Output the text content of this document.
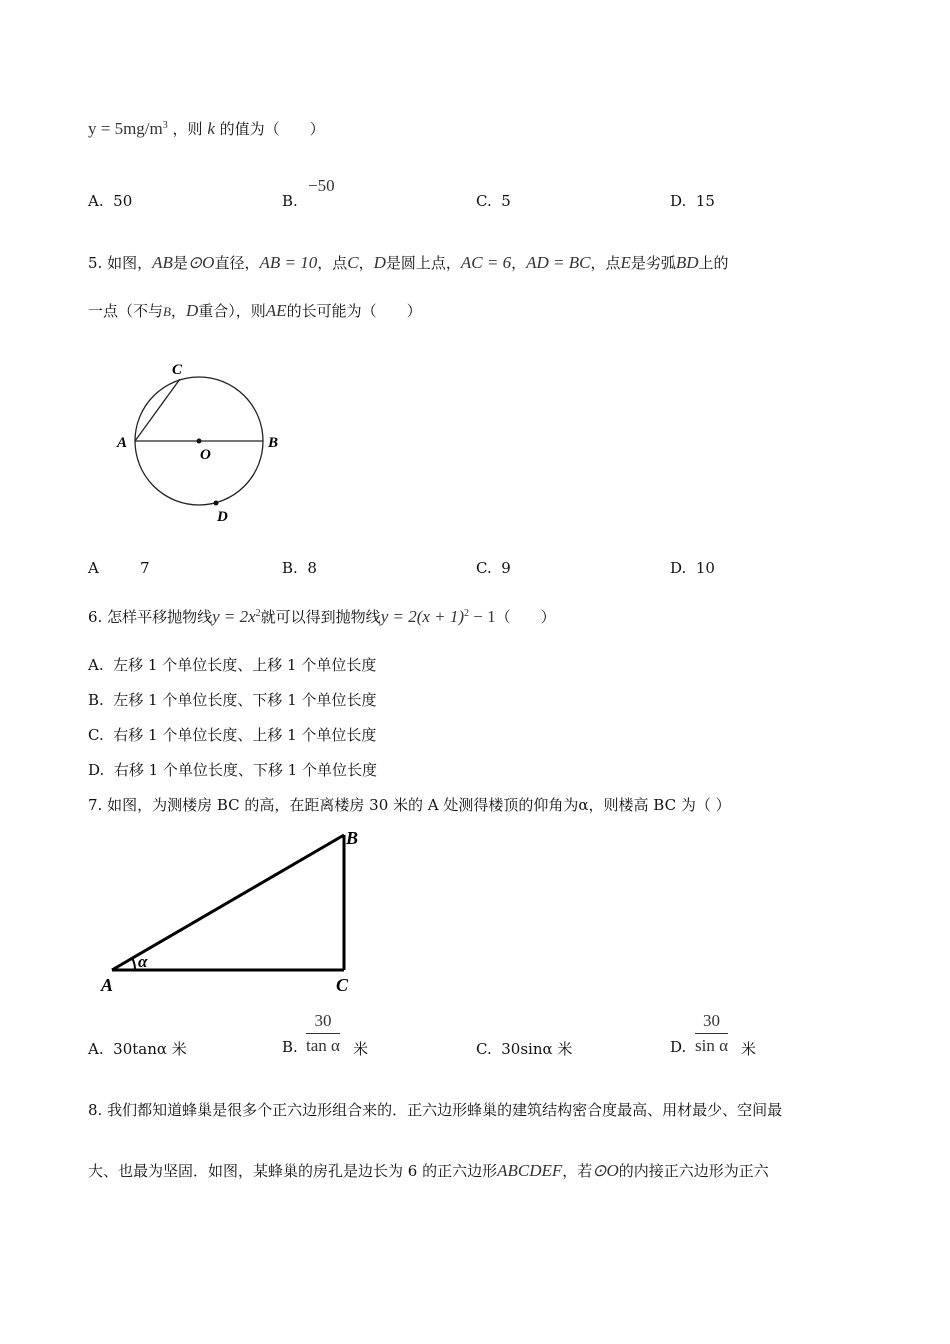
$y = 5mg/m^3$ ，则 k 的值为（　　）
A. 50	B.
−50
C. 5	D. 15
5. 如图，AB是⊙O直径，AB = 10，点C，D是圆上点，AC = 6，AD = BC，点E是劣弧BD上的
一点（不与B，D重合），则AE的长可能为（　　）
C
A
O
B
D
A	7	B. 8	C. 9	D. 10
6. 怎样平移抛物线$y = 2x^2$就可以得到抛物线$y = 2(x + 1)^2 - 1$（　　）
A. 左移 1 个单位长度、上移 1 个单位长度
B. 左移 1 个单位长度、下移 1 个单位长度
C. 右移 1 个单位长度、上移 1 个单位长度
D. 右移 1 个单位长度、下移 1 个单位长度
7. 如图，为测楼房 BC 的高，在距离楼房 30 米的 A 处测得楼顶的仰角为α，则楼高 BC 为（ ）
α
B
A	C
A. 30tanα 米	B.
30
tan α 米	C. 30sinα 米	D.
30
sin α 米
8. 我们都知道蜂巢是很多个正六边形组合来的．正六边形蜂巢的建筑结构密合度最高、用材最少、空间最
大、也最为坚固．如图，某蜂巢的房孔是边长为 6 的正六边形ABCDEF，若⊙O的内接正六边形为正六
